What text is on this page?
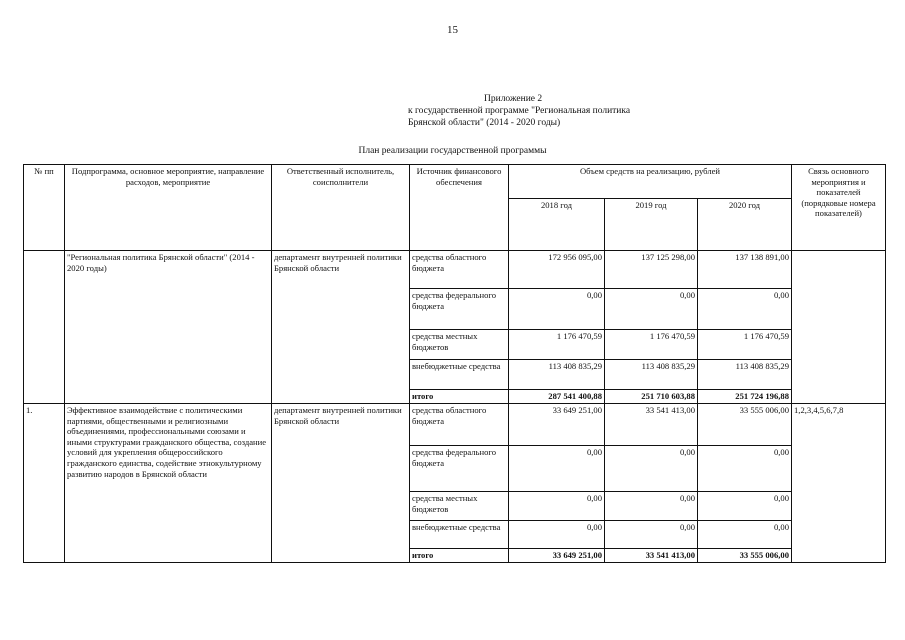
15
Приложение 2
к государственной программе "Региональная политика
Брянской области" (2014 - 2020 годы)
План реализации государственной программы
№ пп	Подпрограмма, основное мероприятие, направление расходов, мероприятие	Ответственный исполнитель, соисполнители	Источник финансового обеспечения	Объем средств на реализацию, рублей			Связь основного мероприятия и показателей (порядковые номера показателей)
				2018 год	2019 год	2020 год	
	"Региональная политика Брянской области" (2014 - 2020 годы)	департамент внутренней политики Брянской области	средства областного бюджета	172 956 095,00	137 125 298,00	137 138 891,00	
			средства федерального бюджета	0,00	0,00	0,00	
			средства местных бюджетов	1 176 470,59	1 176 470,59	1 176 470,59	
			внебюджетные средства	113 408 835,29	113 408 835,29	113 408 835,29	
			итого	287 541 400,88	251 710 603,88	251 724 196,88	
1.	Эффективное взаимодействие с политическими партиями, общественными и религиозными объединениями, профессиональными союзами и иными структурами гражданского общества, создание условий для укрепления общероссийского гражданского единства, содействие этнокультурному развитию народов в Брянской области	департамент внутренней политики Брянской области	средства областного бюджета	33 649 251,00	33 541 413,00	33 555 006,00	1,2,3,4,5,6,7,8
			средства федерального бюджета	0,00	0,00	0,00	
			средства местных бюджетов	0,00	0,00	0,00	
			внебюджетные средства	0,00	0,00	0,00	
			итого	33 649 251,00	33 541 413,00	33 555 006,00	
